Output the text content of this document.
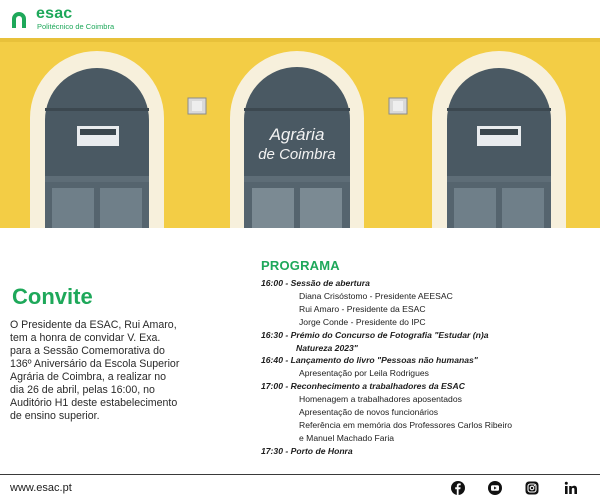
esac
Politécnico de Coimbra
Agrária
de Coimbra
Convite

O Presidente da ESAC, Rui Amaro,
tem a honra de convidar V. Exa.
para a Sessão Comemorativa do
136º Aniversário da Escola Superior
Agrária de Coimbra, a realizar no
dia 26 de abril, pelas 16:00, no
Auditório H1 deste estabelecimento
de ensino superior.

PROGRAMA
16:00 - Sessão de abertura
Diana Crisóstomo - Presidente AEESAC
Rui Amaro - Presidente da ESAC
Jorge Conde - Presidente do IPC
16:30 - Prémio do Concurso de Fotografia "Estudar (n)a
Natureza 2023"
16:40 - Lançamento do livro "Pessoas não humanas"
Apresentação por Leila Rodrigues
17:00 - Reconhecimento a trabalhadores da ESAC
Homenagem a trabalhadores aposentados
Apresentação de novos funcionários
Referência em memória dos Professores Carlos Ribeiro
e Manuel Machado Faria
17:30 - Porto de Honra
www.esac.pt
